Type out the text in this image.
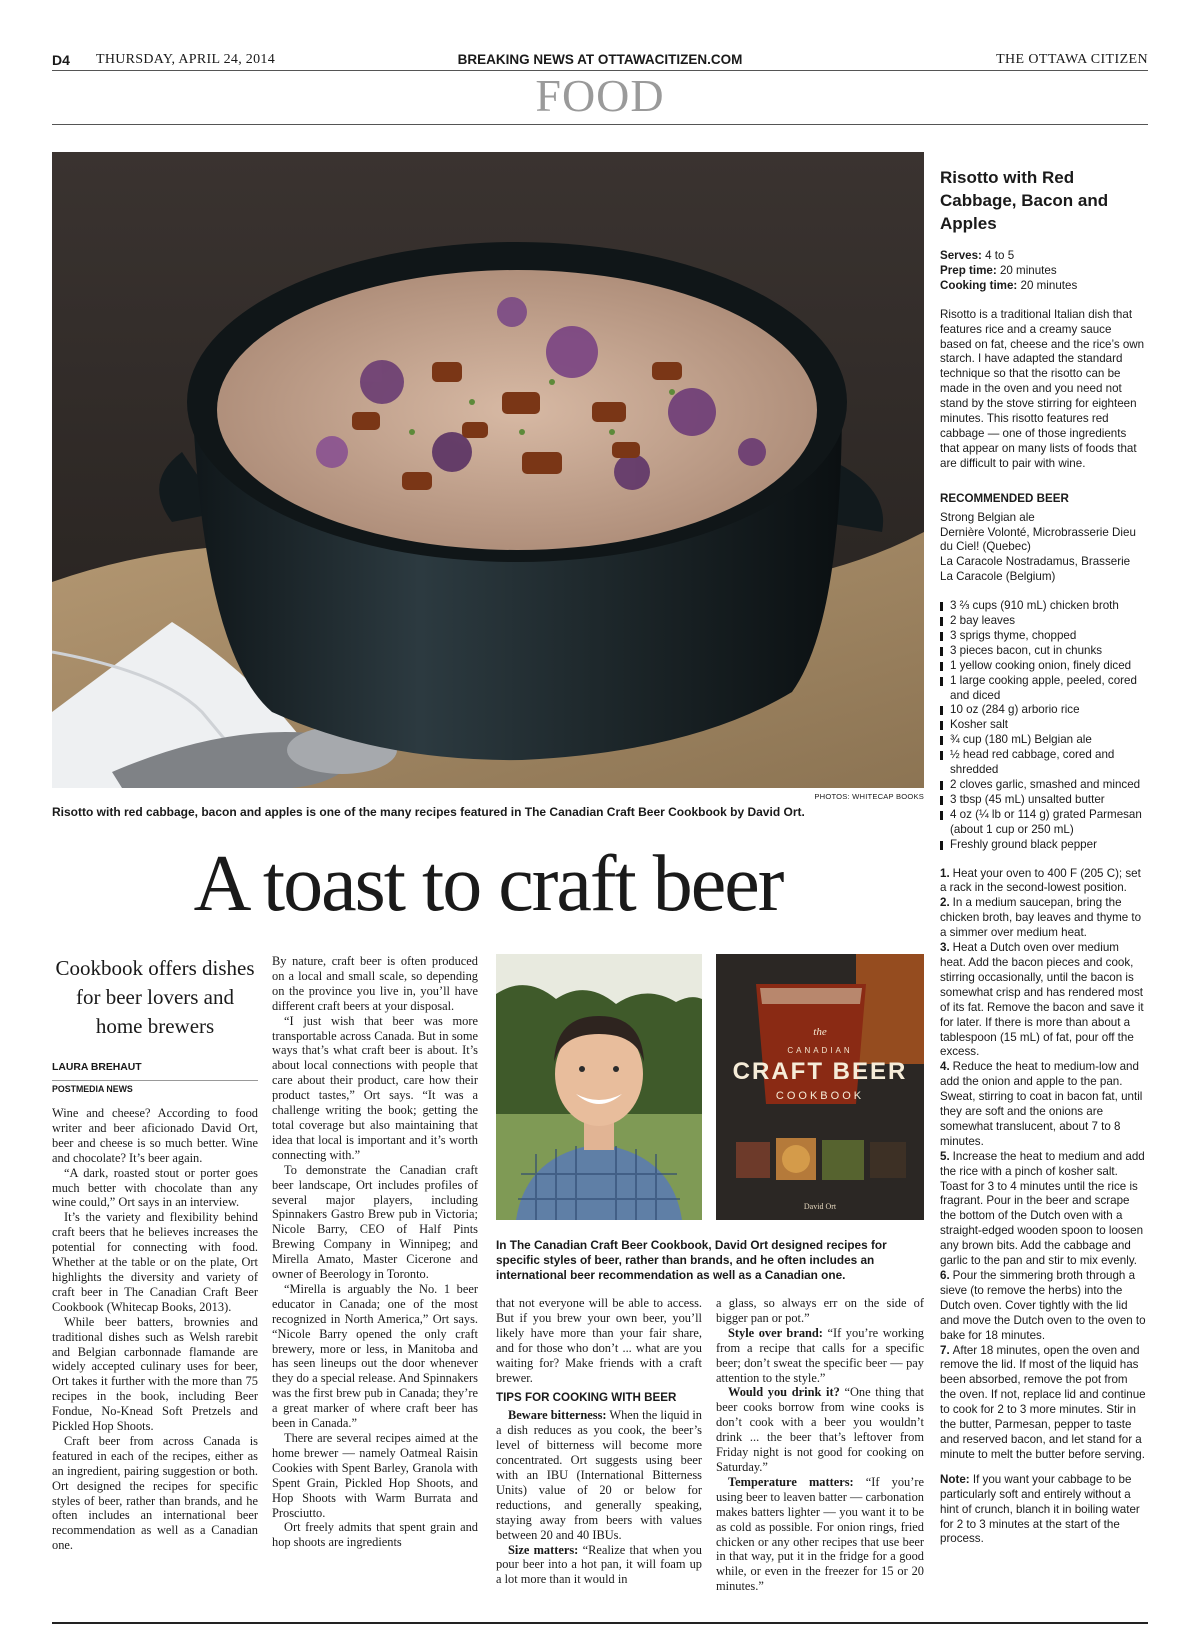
D4 THURSDAY, APRIL 24, 2014	BREAKING NEWS AT OTTAWACITIZEN.COM	THE OTTAWA CITIZEN
FOOD
PHOTOS: WHITECAP BOOKS
Risotto with red cabbage, bacon and apples is one of the many recipes featured in The Canadian Craft Beer Cookbook by David Ort.
A toast to craft beer
Cookbook offers dishes for beer lovers and home brewers
LAURA BREHAUT
POSTMEDIA NEWS

Wine and cheese? According to food writer and beer aficionado David Ort, beer and cheese is so much better. Wine and chocolate? It’s beer again.

“A dark, roasted stout or porter goes much better with chocolate than any wine could,” Ort says in an interview.

It’s the variety and flexibility behind craft beers that he believes increases the potential for connecting with food. Whether at the table or on the plate, Ort highlights the diversity and variety of craft beer in The Canadian Craft Beer Cookbook (Whitecap Books, 2013).

While beer batters, brownies and traditional dishes such as Welsh rarebit and Belgian carbonnade flamande are widely accepted culinary uses for beer, Ort takes it further with the more than 75 recipes in the book, including Beer Fondue, No-Knead Soft Pretzels and Pickled Hop Shoots.

Craft beer from across Canada is featured in each of the recipes, either as an ingredient, pairing suggestion or both. Ort designed the recipes for specific styles of beer, rather than brands, and he often includes an international beer recommendation as well as a Canadian one.

By nature, craft beer is often produced on a local and small scale, so depending on the province you live in, you’ll have different craft beers at your disposal.

“I just wish that beer was more transportable across Canada. But in some ways that’s what craft beer is about. It’s about local connections with people that care about their product, care how their product tastes,” Ort says. “It was a challenge writing the book; getting the total coverage but also maintaining that idea that local is important and it’s worth connecting with.”

To demonstrate the Canadian craft beer landscape, Ort includes profiles of several major players, including Spinnakers Gastro Brew pub in Victoria; Nicole Barry, CEO of Half Pints Brewing Company in Winnipeg; and Mirella Amato, Master Cicerone and owner of Beerology in Toronto.

“Mirella is arguably the No. 1 beer educator in Canada; one of the most recognized in North America,” Ort says. “Nicole Barry opened the only craft brewery, more or less, in Manitoba and has seen lineups out the door whenever they do a special release. And Spinnakers was the first brew pub in Canada; they’re a great marker of where craft beer has been in Canada.”

There are several recipes aimed at the home brewer — namely Oatmeal Raisin Cookies with Spent Barley, Granola with Spent Grain, Pickled Hop Shoots, and Hop Shoots with Warm Burrata and Prosciutto.

Ort freely admits that spent grain and hop shoots are ingredients

the
CANADIAN
CRAFT BEER
COOKBOOK
David Ort
In The Canadian Craft Beer Cookbook, David Ort designed recipes for specific styles of beer, rather than brands, and he often includes an international beer recommendation as well as a Canadian one.

that not everyone will be able to access. But if you brew your own beer, you’ll likely have more than your fair share, and for those who don’t ... what are you waiting for? Make friends with a craft brewer.

TIPS FOR COOKING WITH BEER

Beware bitterness: When the liquid in a dish reduces as you cook, the beer’s level of bitterness will become more concentrated. Ort suggests using beer with an IBU (International Bitterness Units) value of 20 or below for reductions, and generally speaking, staying away from beers with values between 20 and 40 IBUs.

Size matters: “Realize that when you pour beer into a hot pan, it will foam up a lot more than it would in

a glass, so always err on the side of bigger pan or pot.”

Style over brand: “If you’re working from a recipe that calls for a specific beer; don’t sweat the specific beer — pay attention to the style.”

Would you drink it? “One thing that beer cooks borrow from wine cooks is don’t cook with a beer you wouldn’t drink ... the beer that’s leftover from Friday night is not good for cooking on Saturday.”

Temperature matters: “If you’re using beer to leaven batter — carbonation makes batters lighter — you want it to be as cold as possible. For onion rings, fried chicken or any other recipes that use beer in that way, put it in the fridge for a good while, or even in the freezer for 15 or 20 minutes.”

Risotto with Red Cabbage, Bacon and Apples
Serves: 4 to 5
Prep time: 20 minutes
Cooking time: 20 minutes
Risotto is a traditional Italian dish that features rice and a creamy sauce based on fat, cheese and the rice’s own starch. I have adapted the standard technique so that the risotto can be made in the oven and you need not stand by the stove stirring for eighteen minutes. This risotto features red cabbage — one of those ingredients that appear on many lists of foods that are difficult to pair with wine.
RECOMMENDED BEER
Strong Belgian ale
Dernière Volonté, Microbrasserie Dieu du Ciel! (Quebec)
La Caracole Nostradamus, Brasserie La Caracole (Belgium)
3 ⅔ cups (910 mL) chicken broth
2 bay leaves
3 sprigs thyme, chopped
3 pieces bacon, cut in chunks
1 yellow cooking onion, finely diced
1 large cooking apple, peeled, cored and diced
10 oz (284 g) arborio rice
Kosher salt
¾ cup (180 mL) Belgian ale
½ head red cabbage, cored and shredded
2 cloves garlic, smashed and minced
3 tbsp (45 mL) unsalted butter
4 oz (¼ lb or 114 g) grated Parmesan (about 1 cup or 250 mL)
Freshly ground black pepper
1. Heat your oven to 400 F (205 C); set a rack in the second-lowest position.
2. In a medium saucepan, bring the chicken broth, bay leaves and thyme to a simmer over medium heat.
3. Heat a Dutch oven over medium heat. Add the bacon pieces and cook, stirring occasionally, until the bacon is somewhat crisp and has rendered most of its fat. Remove the bacon and save it for later. If there is more than about a tablespoon (15 mL) of fat, pour off the excess.
4. Reduce the heat to medium-low and add the onion and apple to the pan. Sweat, stirring to coat in bacon fat, until they are soft and the onions are somewhat translucent, about 7 to 8 minutes.
5. Increase the heat to medium and add the rice with a pinch of kosher salt. Toast for 3 to 4 minutes until the rice is fragrant. Pour in the beer and scrape the bottom of the Dutch oven with a straight-edged wooden spoon to loosen any brown bits. Add the cabbage and garlic to the pan and stir to mix evenly.
6. Pour the simmering broth through a sieve (to remove the herbs) into the Dutch oven. Cover tightly with the lid and move the Dutch oven to the oven to bake for 18 minutes.
7. After 18 minutes, open the oven and remove the lid. If most of the liquid has been absorbed, remove the pot from the oven. If not, replace lid and continue to cook for 2 to 3 more minutes. Stir in the butter, Parmesan, pepper to taste and reserved bacon, and let stand for a minute to melt the butter before serving.
Note: If you want your cabbage to be particularly soft and entirely without a hint of crunch, blanch it in boiling water for 2 to 3 minutes at the start of the process.
